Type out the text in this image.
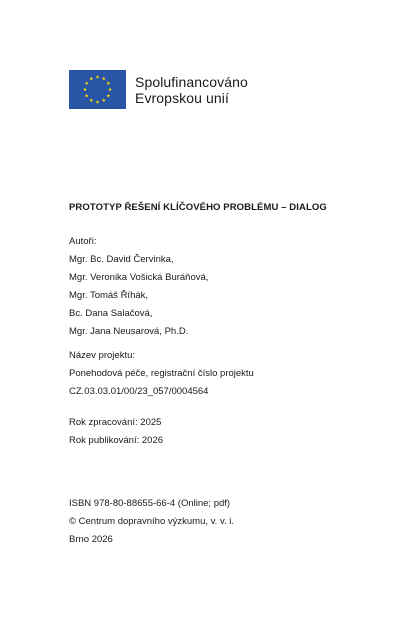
Spolufinancováno
Evropskou unií
PROTOTYP ŘEŠENÍ KLÍČOVÉHO PROBLÉMU – DIALOG
Autoři:
Mgr. Bc. David Červinka,
Mgr. Veronika Vošická Buráňová,
Mgr. Tomáš Říhák,
Bc. Dana Salačová,
Mgr. Jana Neusarová, Ph.D.
Název projektu:
Ponehodová péče, registrační číslo projektu
CZ.03.03.01/00/23_057/0004564
Rok zpracování: 2025
Rok publikování: 2026
ISBN 978-80-88655-66-4 (Online; pdf)
© Centrum dopravního výzkumu, v. v. i.
Brno 2026
